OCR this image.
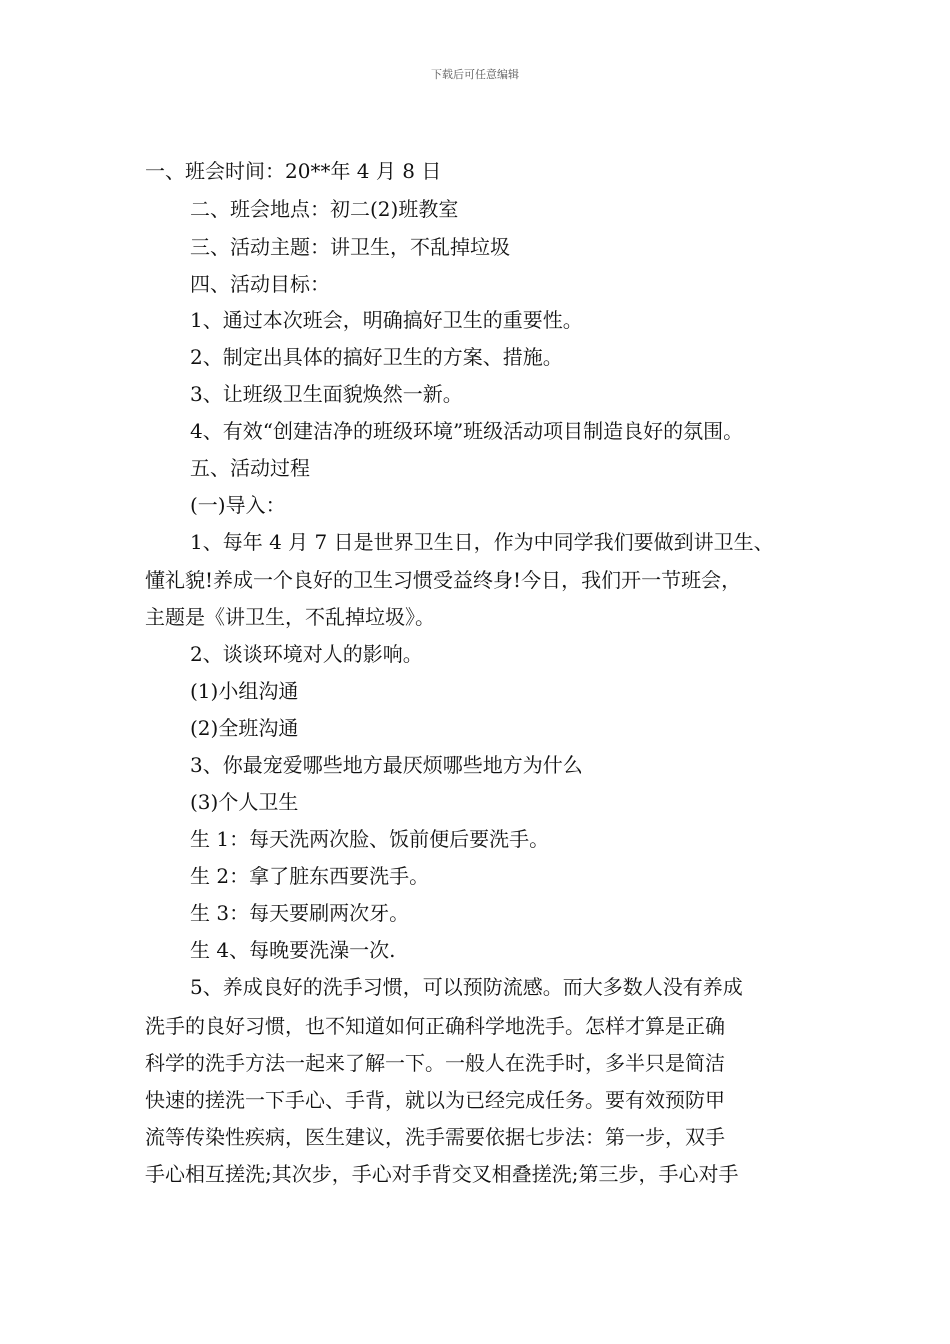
下载后可任意编辑
一、班会时间：20**年 4 月 8 日
二、班会地点：初二(2)班教室
三、活动主题：讲卫生，不乱掉垃圾
四、活动目标：
1、通过本次班会，明确搞好卫生的重要性。
2、制定出具体的搞好卫生的方案、措施。
3、让班级卫生面貌焕然一新。
4、有效“创建洁净的班级环境”班级活动项目制造良好的氛围。
五、活动过程
(一)导入：
1、每年 4 月 7 日是世界卫生日，作为中同学我们要做到讲卫生、
懂礼貌!养成一个良好的卫生习惯受益终身!今日，我们开一节班会，
主题是《讲卫生，不乱掉垃圾》。
2、谈谈环境对人的影响。
(1)小组沟通
(2)全班沟通
3、你最宠爱哪些地方最厌烦哪些地方为什么
(3)个人卫生
生 1：每天洗两次脸、饭前便后要洗手。
生 2：拿了脏东西要洗手。
生 3：每天要刷两次牙。
生 4、每晚要洗澡一次.
5、养成良好的洗手习惯，可以预防流感。而大多数人没有养成
洗手的良好习惯，也不知道如何正确科学地洗手。怎样才算是正确
科学的洗手方法一起来了解一下。一般人在洗手时，多半只是简洁
快速的搓洗一下手心、手背，就以为已经完成任务。要有效预防甲
流等传染性疾病，医生建议，洗手需要依据七步法：第一步，双手
手心相互搓洗;其次步，手心对手背交叉相叠搓洗;第三步，手心对手
